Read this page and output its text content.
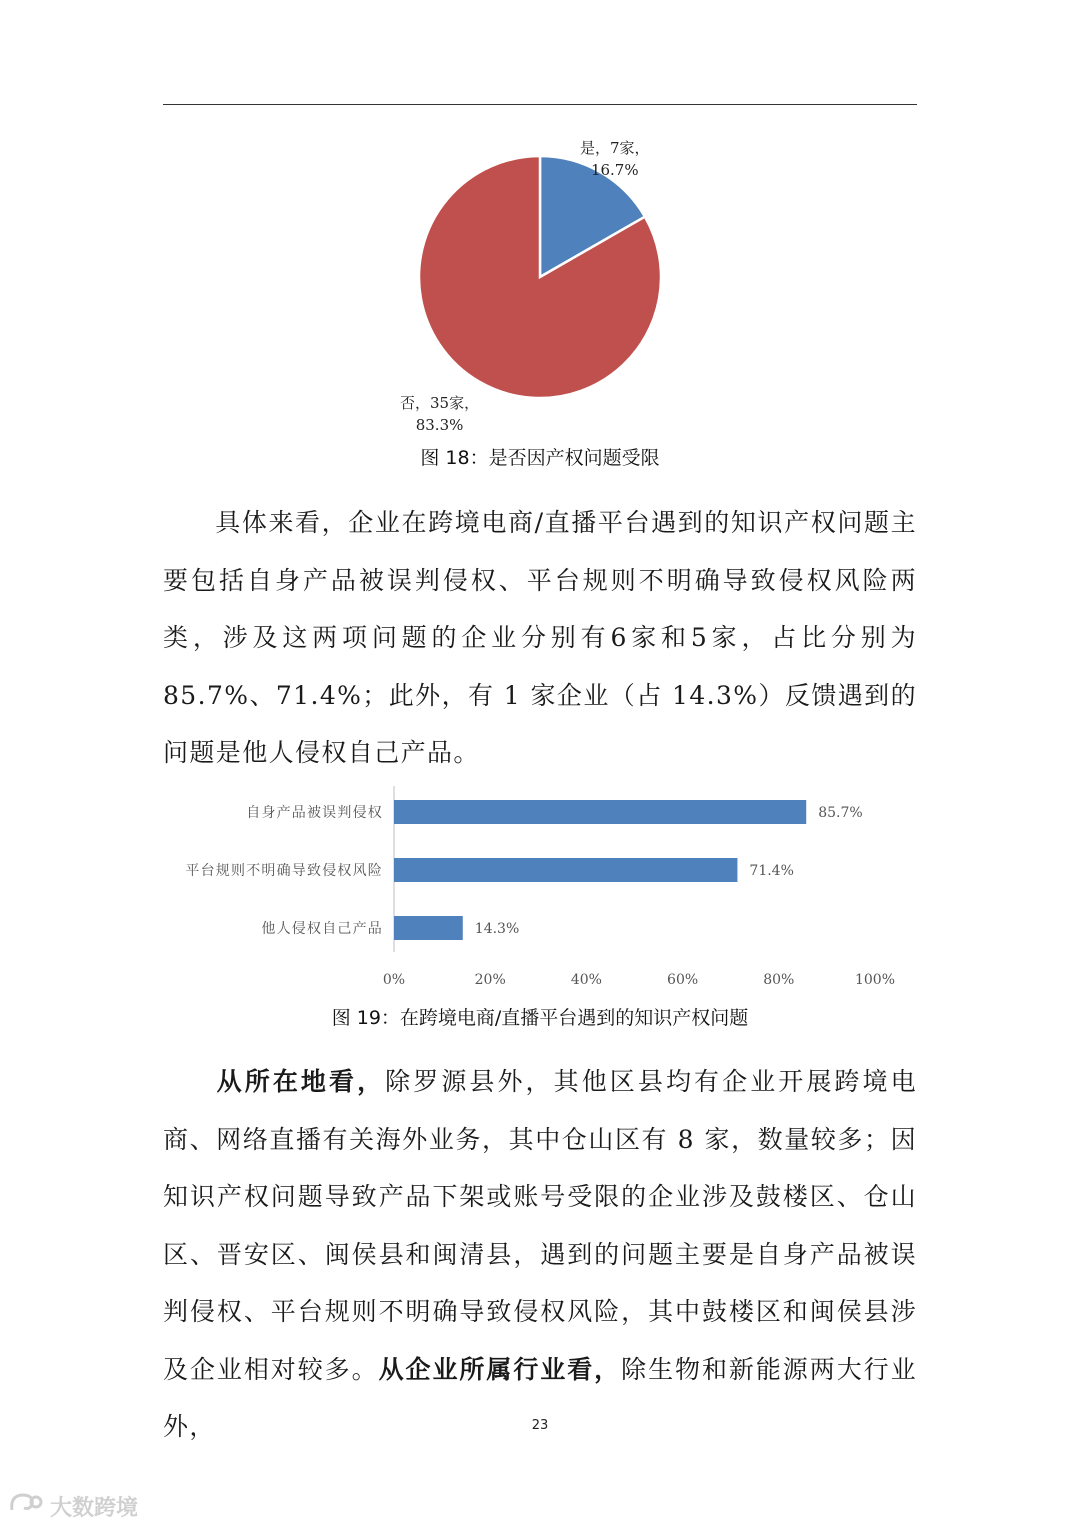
是，7家，
16.7%
否，35家，
83.3%
图 18：是否因产权问题受限

具体来看，企业在跨境电商/直播平台遇到的知识产权问题主要包括自身产品被误判侵权、平台规则不明确导致侵权风险两类，涉及这两项问题的企业分别有6家和5家，占比分别为85.7%、71.4%；此外，有 1 家企业（占 14.3%）反馈遇到的问题是他人侵权自己产品。

自身产品被误判侵权	85.7%
平台规则不明确导致侵权风险	71.4%
他人侵权自己产品	14.3%
0%	20%	40%	60%	80%	100%
图 19：在跨境电商/直播平台遇到的知识产权问题

从所在地看，除罗源县外，其他区县均有企业开展跨境电商、网络直播有关海外业务，其中仓山区有 8 家，数量较多；因知识产权问题导致产品下架或账号受限的企业涉及鼓楼区、仓山区、晋安区、闽侯县和闽清县，遇到的问题主要是自身产品被误判侵权、平台规则不明确导致侵权风险，其中鼓楼区和闽侯县涉及企业相对较多。从企业所属行业看，除生物和新能源两大行业外，	23
大数跨境
